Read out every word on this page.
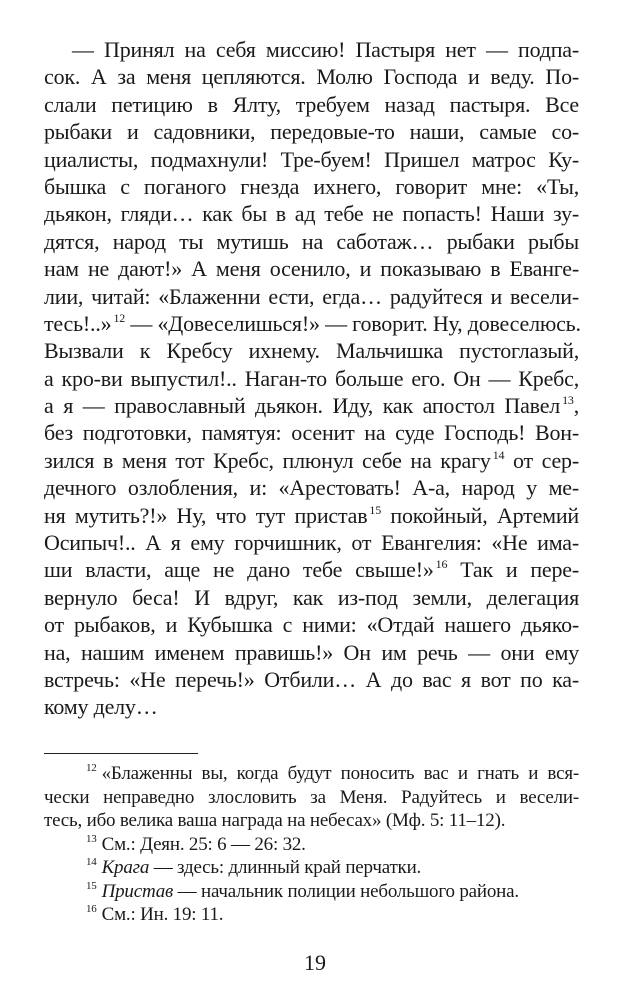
— Принял на себя миссию! Пастыря нет — подпа-
сок. А за меня цепляются. Молю Господа и веду. По-
слали петицию в Ялту, требуем назад пастыря. Все
рыбаки и садовники, передовые-то наши, самые со-
циалисты, подмахнули! Тре-буем! Пришел матрос Ку-
бышка с поганого гнезда ихнего, говорит мне: «Ты,
дьякон, гляди… как бы в ад тебе не попасть! Наши зу-
дятся, народ ты мутишь на саботаж… рыбаки рыбы
нам не дают!» А меня осенило, и показываю в Еванге-
лии, читай: «Блаженни ести, егда… радуйтеся и весели-
тесь!..» $^{12}$ — «Довеселишься!» — говорит. Ну, довеселюсь.
Вызвали к Кребсу ихнему. Мальчишка пустоглазый,
а кро-ви выпустил!.. Наган-то больше его. Он — Кребс,
а я — православный дьякон. Иду, как апостол Павел $^{13}$,
без подготовки, памятуя: осенит на суде Господь! Вон-
зился в меня тот Кребс, плюнул себе на крагу $^{14}$ от сер-
дечного озлобления, и: «Арестовать! А-а, народ у ме-
ня мутить?!» Ну, что тут пристав $^{15}$ покойный, Артемий
Осипыч!.. А я ему горчишник, от Евангелия: «Не има-
ши власти, аще не дано тебе свыше!» $^{16}$ Так и пере-
вернуло беса! И вдруг, как из-под земли, делегация
от рыбаков, и Кубышка с ними: «Отдай нашего дьяко-
на, нашим именем правишь!» Он им речь — они ему
встречь: «Не перечь!» Отбили… А до вас я вот по ка-
кому делу…
$^{12}$ «Блаженны вы, когда будут поносить вас и гнать и вся-
чески неправедно злословить за Меня. Радуйтесь и весели-
тесь, ибо велика ваша награда на небесах» (Мф. 5: 11–12).
$^{13}$ См.: Деян. 25: 6 — 26: 32.
$^{14}$ Крага — здесь: длинный край перчатки.
$^{15}$ Пристав — начальник полиции небольшого района.
$^{16}$ См.: Ин. 19: 11.
19
